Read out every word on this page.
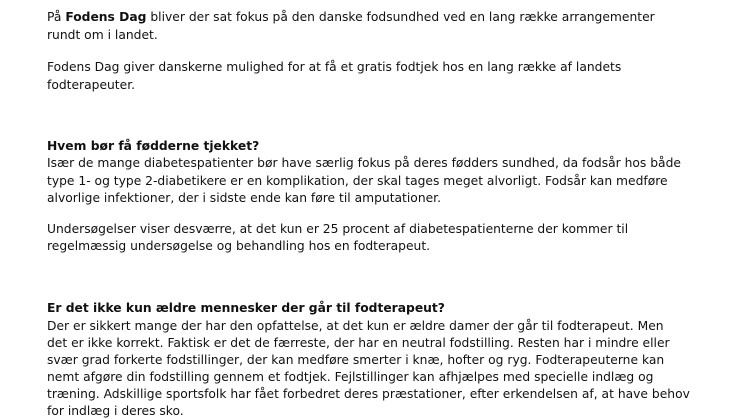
På Fodens Dag bliver der sat fokus på den danske fodsundhed ved en lang række arrangementer
rundt om i landet.
Fodens Dag giver danskerne mulighed for at få et gratis fodtjek hos en lang række af landets
fodterapeuter.
Hvem bør få fødderne tjekket?
Især de mange diabetespatienter bør have særlig fokus på deres fødders sundhed, da fodsår hos både
type 1- og type 2-diabetikere er en komplikation, der skal tages meget alvorligt. Fodsår kan medføre
alvorlige infektioner, der i sidste ende kan føre til amputationer.
Undersøgelser viser desværre, at det kun er 25 procent af diabetespatienterne der kommer til
regelmæssig undersøgelse og behandling hos en fodterapeut.
Er det ikke kun ældre mennesker der går til fodterapeut?
Der er sikkert mange der har den opfattelse, at det kun er ældre damer der går til fodterapeut. Men
det er ikke korrekt. Faktisk er det de færreste, der har en neutral fodstilling. Resten har i mindre eller
svær grad forkerte fodstillinger, der kan medføre smerter i knæ, hofter og ryg. Fodterapeuterne kan
nemt afgøre din fodstilling gennem et fodtjek. Fejlstillinger kan afhjælpes med specielle indlæg og
træning. Adskillige sportsfolk har fået forbedret deres præstationer, efter erkendelsen af, at have behov
for indlæg i deres sko.
